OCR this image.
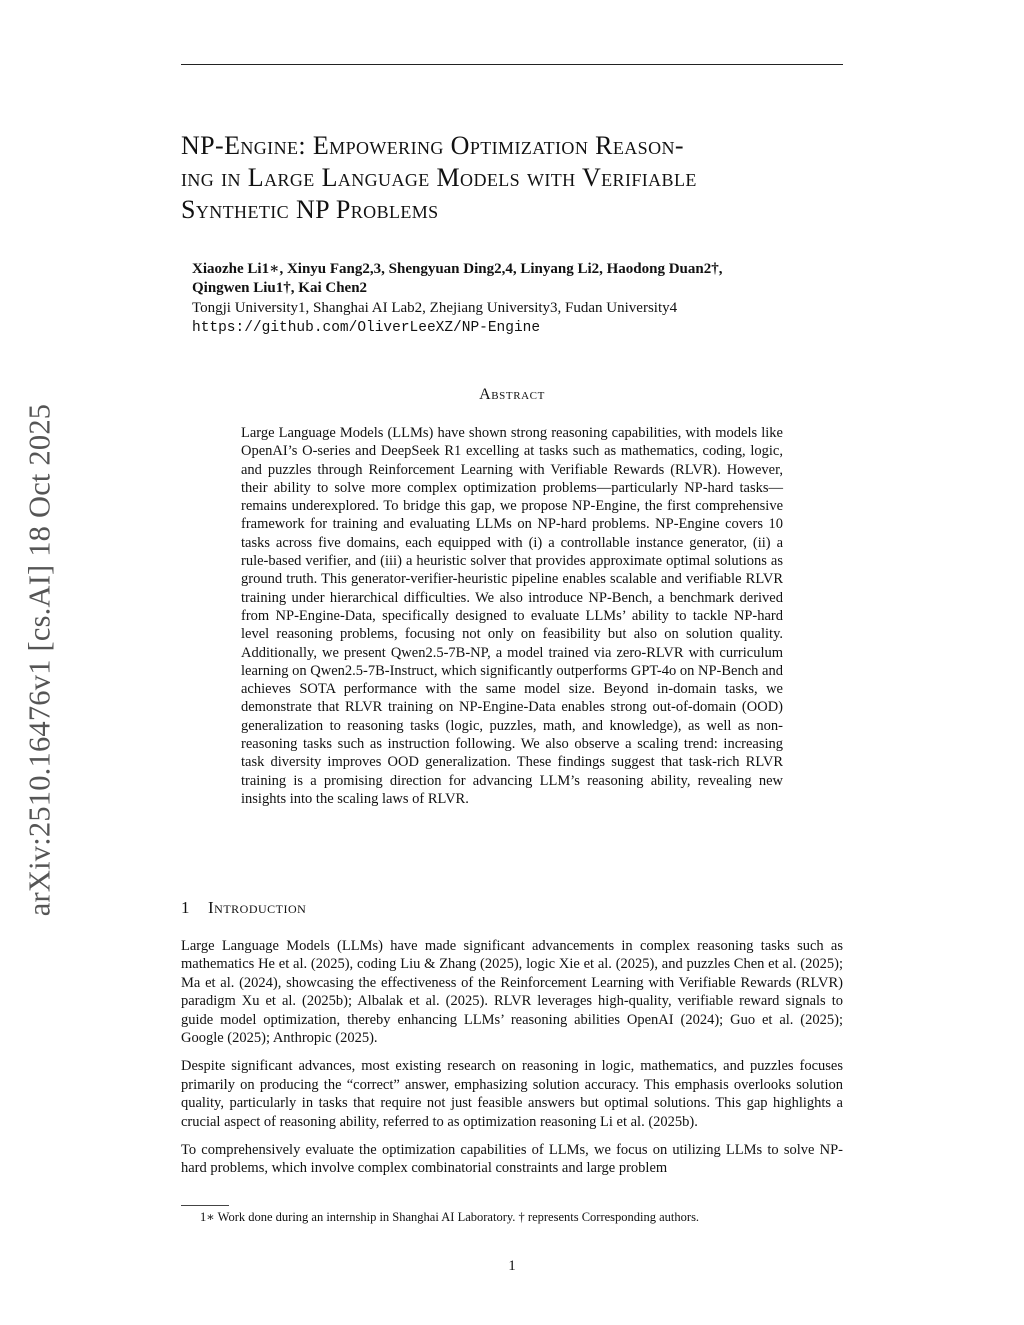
arXiv:2510.16476v1 [cs.AI] 18 Oct 2025
NP-Engine: Empowering Optimization Reason-
ing in Large Language Models with Verifiable
Synthetic NP Problems
Xiaozhe Li1∗, Xinyu Fang2,3, Shengyuan Ding2,4, Linyang Li2, Haodong Duan2†,
Qingwen Liu1†, Kai Chen2
Tongji University1, Shanghai AI Lab2, Zhejiang University3, Fudan University4
https://github.com/OliverLeeXZ/NP-Engine
Abstract
Large Language Models (LLMs) have shown strong reasoning capabilities, with models like OpenAI’s O-series and DeepSeek R1 excelling at tasks such as mathematics, coding, logic, and puzzles through Reinforcement Learning with Verifiable Rewards (RLVR). However, their ability to solve more complex optimization problems—particularly NP-hard tasks—remains underexplored. To bridge this gap, we propose NP-Engine, the first comprehensive framework for training and evaluating LLMs on NP-hard problems. NP-Engine covers 10 tasks across five domains, each equipped with (i) a controllable instance generator, (ii) a rule-based verifier, and (iii) a heuristic solver that provides approximate optimal solutions as ground truth. This generator-verifier-heuristic pipeline enables scalable and verifiable RLVR training under hierarchical difficulties. We also introduce NP-Bench, a benchmark derived from NP-Engine-Data, specifically designed to evaluate LLMs’ ability to tackle NP-hard level reasoning problems, focusing not only on feasibility but also on solution quality. Additionally, we present Qwen2.5-7B-NP, a model trained via zero-RLVR with curriculum learning on Qwen2.5-7B-Instruct, which significantly outperforms GPT-4o on NP-Bench and achieves SOTA performance with the same model size. Beyond in-domain tasks, we demonstrate that RLVR training on NP-Engine-Data enables strong out-of-domain (OOD) generalization to reasoning tasks (logic, puzzles, math, and knowledge), as well as non-reasoning tasks such as instruction following. We also observe a scaling trend: increasing task diversity improves OOD generalization. These findings suggest that task-rich RLVR training is a promising direction for advancing LLM’s reasoning ability, revealing new insights into the scaling laws of RLVR.
1 Introduction

Large Language Models (LLMs) have made significant advancements in complex reasoning tasks such as mathematics He et al. (2025), coding Liu & Zhang (2025), logic Xie et al. (2025), and puzzles Chen et al. (2025); Ma et al. (2024), showcasing the effectiveness of the Reinforcement Learning with Verifiable Rewards (RLVR) paradigm Xu et al. (2025b); Albalak et al. (2025). RLVR leverages high-quality, verifiable reward signals to guide model optimization, thereby enhancing LLMs’ reasoning abilities OpenAI (2024); Guo et al. (2025); Google (2025); Anthropic (2025).

Despite significant advances, most existing research on reasoning in logic, mathematics, and puzzles focuses primarily on producing the “correct” answer, emphasizing solution accuracy. This emphasis overlooks solution quality, particularly in tasks that require not just feasible answers but optimal solutions. This gap highlights a crucial aspect of reasoning ability, referred to as optimization reasoning Li et al. (2025b).

To comprehensively evaluate the optimization capabilities of LLMs, we focus on utilizing LLMs to solve NP-hard problems, which involve complex combinatorial constraints and large problem

1∗ Work done during an internship in Shanghai AI Laboratory. † represents Corresponding authors.
1
